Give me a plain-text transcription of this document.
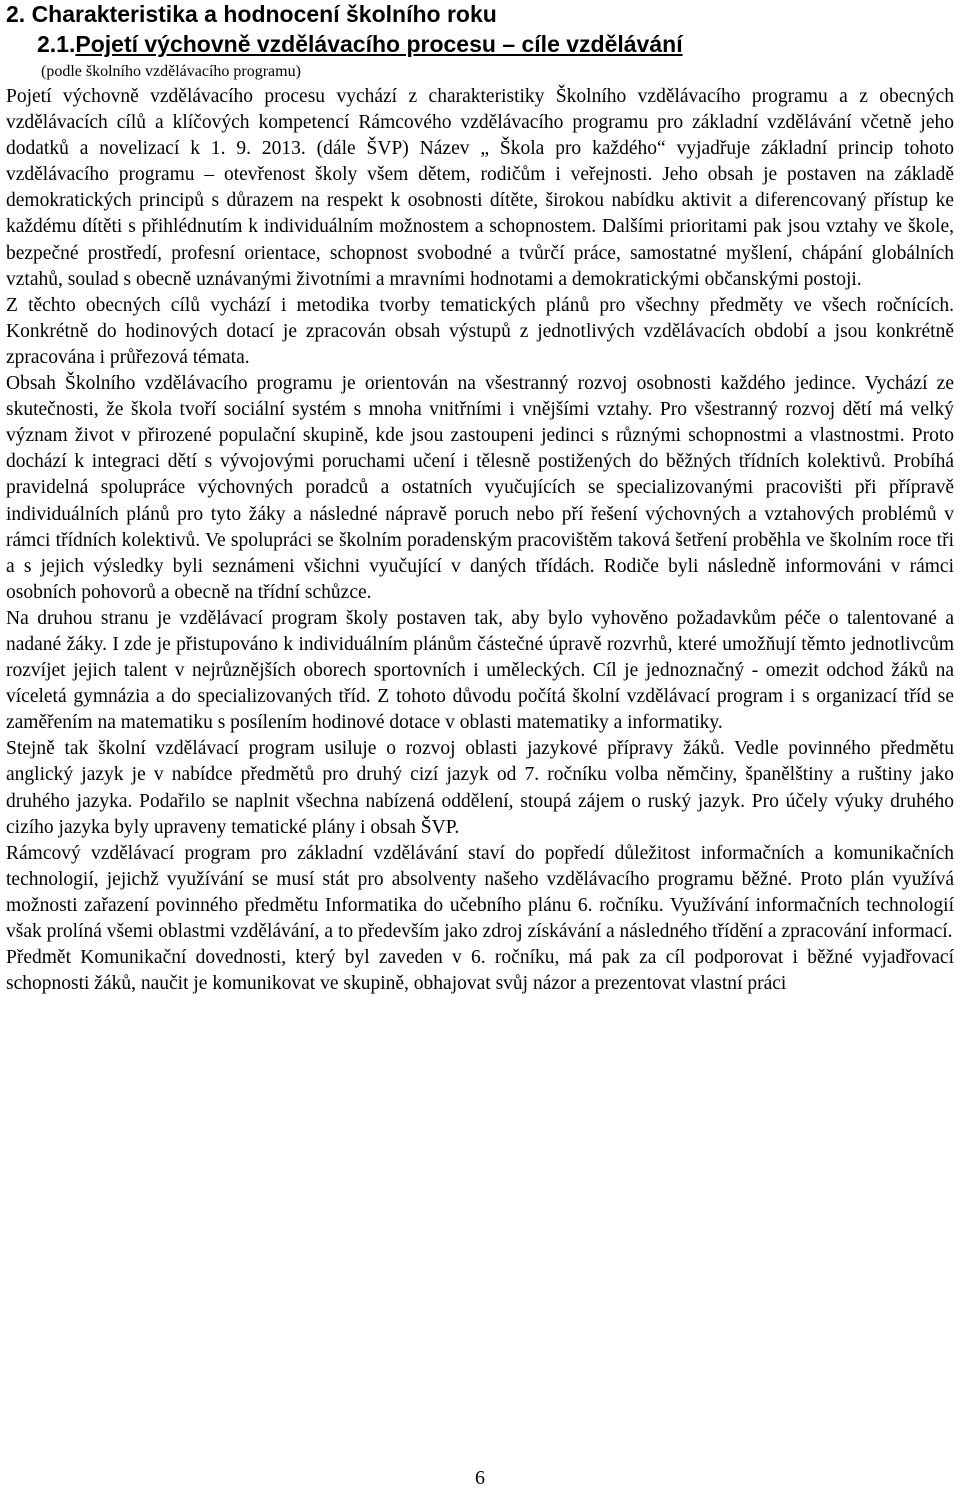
2. Charakteristika a hodnocení školního roku
2.1.Pojetí výchovně vzdělávacího procesu – cíle vzdělávání

(podle školního vzdělávacího programu)

Pojetí výchovně vzdělávacího procesu vychází z charakteristiky Školního vzdělávacího programu a z obecných vzdělávacích cílů a klíčových kompetencí Rámcového vzdělávacího programu pro základní vzdělávání včetně jeho dodatků a novelizací k 1. 9. 2013. (dále ŠVP) Název „ Škola pro každého“ vyjadřuje základní princip tohoto vzdělávacího programu – otevřenost školy všem dětem, rodičům i veřejnosti. Jeho obsah je postaven na základě demokratických principů s důrazem na respekt k osobnosti dítěte, širokou nabídku aktivit a diferencovaný přístup ke každému dítěti s přihlédnutím k individuálním možnostem a schopnostem. Dalšími prioritami pak jsou vztahy ve škole, bezpečné prostředí, profesní orientace, schopnost svobodné a tvůrčí práce, samostatné myšlení, chápání globálních vztahů, soulad s obecně uznávanými životními a mravními hodnotami a demokratickými občanskými postoji.

Z těchto obecných cílů vychází i metodika tvorby tematických plánů pro všechny předměty ve všech ročnících. Konkrétně do hodinových dotací je zpracován obsah výstupů z jednotlivých vzdělávacích období a jsou konkrétně zpracována i průřezová témata.

Obsah Školního vzdělávacího programu je orientován na všestranný rozvoj osobnosti každého jedince. Vychází ze skutečnosti, že škola tvoří sociální systém s mnoha vnitřními i vnějšími vztahy. Pro všestranný rozvoj dětí má velký význam život v přirozené populační skupině, kde jsou zastoupeni jedinci s různými schopnostmi a vlastnostmi. Proto dochází k integraci dětí s vývojovými poruchami učení i tělesně postižených do běžných třídních kolektivů. Probíhá pravidelná spolupráce výchovných poradců a ostatních vyučujících se specializovanými pracovišti při přípravě individuálních plánů pro tyto žáky a následné nápravě poruch nebo pří řešení výchovných a vztahových problémů v rámci třídních kolektivů. Ve spolupráci se školním poradenským pracovištěm taková šetření proběhla ve školním roce tři a s jejich výsledky byli seznámeni všichni vyučující v daných třídách. Rodiče byli následně informováni v rámci osobních pohovorů a obecně na třídní schůzce.

Na druhou stranu je vzdělávací program školy postaven tak, aby bylo vyhověno požadavkům péče o talentované a nadané žáky. I zde je přistupováno k individuálním plánům částečné úpravě rozvrhů, které umožňují těmto jednotlivcům rozvíjet jejich talent v nejrůznějších oborech sportovních i uměleckých. Cíl je jednoznačný - omezit odchod žáků na víceletá gymnázia a do specializovaných tříd. Z tohoto důvodu počítá školní vzdělávací program i s organizací tříd se zaměřením na matematiku s posílením hodinové dotace v oblasti matematiky a informatiky.

Stejně tak školní vzdělávací program usiluje o rozvoj oblasti jazykové přípravy žáků. Vedle povinného předmětu anglický jazyk je v nabídce předmětů pro druhý cizí jazyk od 7. ročníku volba němčiny, španělštiny a ruštiny jako druhého jazyka. Podařilo se naplnit všechna nabízená oddělení, stoupá zájem o ruský jazyk. Pro účely výuky druhého cizího jazyka byly upraveny tematické plány i obsah ŠVP.

Rámcový vzdělávací program pro základní vzdělávání staví do popředí důležitost informačních a komunikačních technologií, jejichž využívání se musí stát pro absolventy našeho vzdělávacího programu běžné. Proto plán využívá možnosti zařazení povinného předmětu Informatika do učebního plánu 6. ročníku. Využívání informačních technologií však prolíná všemi oblastmi vzdělávání, a to především jako zdroj získávání a následného třídění a zpracování informací.

Předmět Komunikační dovednosti, který byl zaveden v 6. ročníku, má pak za cíl podporovat i běžné vyjadřovací schopnosti žáků, naučit je komunikovat ve skupině, obhajovat svůj názor a prezentovat vlastní práci

6
